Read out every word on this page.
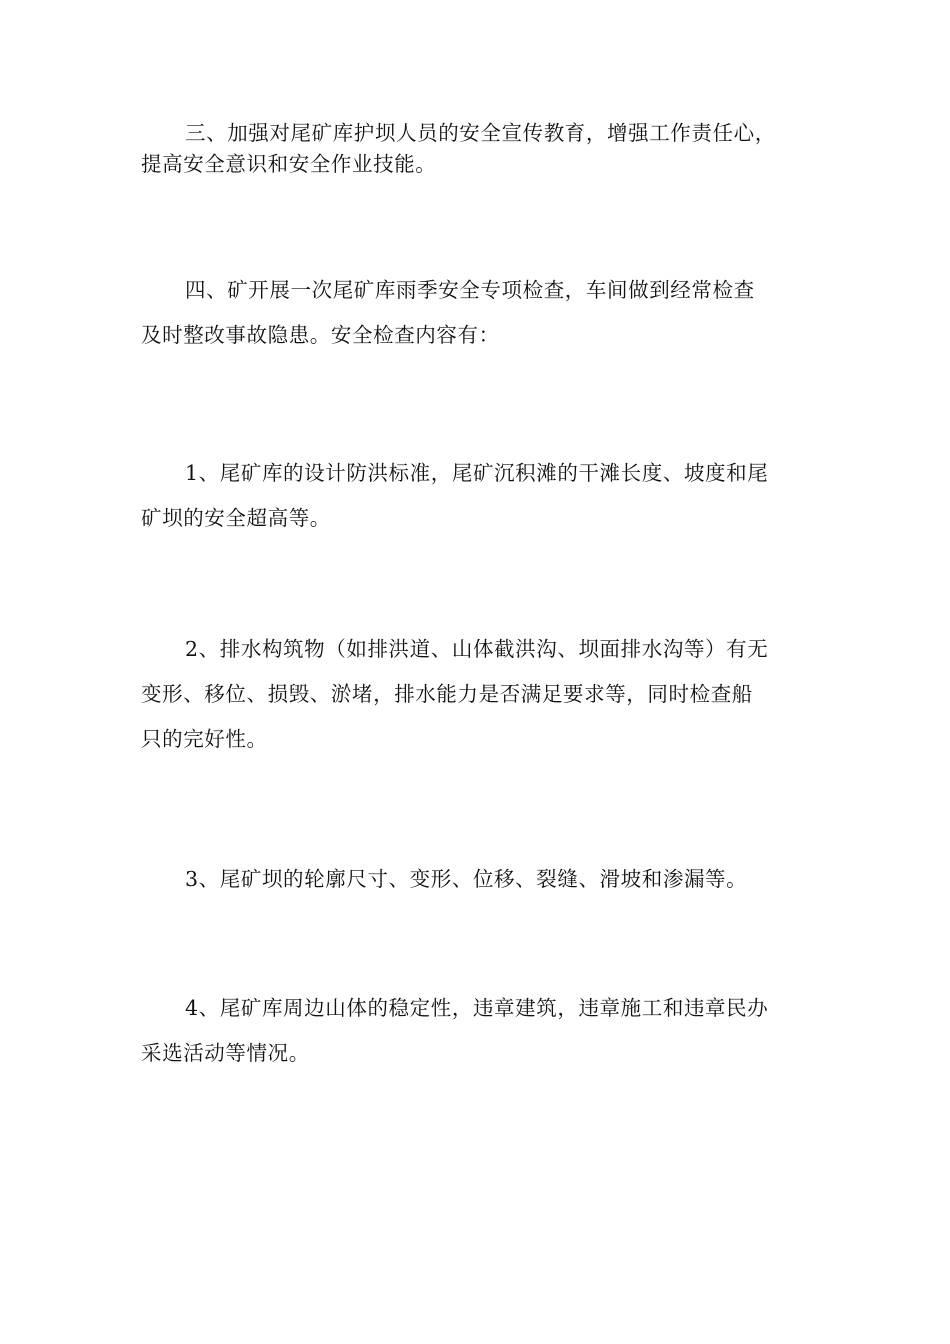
三、加强对尾矿库护坝人员的安全宣传教育，增强工作责任心，
提高安全意识和安全作业技能。

四、矿开展一次尾矿库雨季安全专项检查，车间做到经常检查
及时整改事故隐患。安全检查内容有：

1、尾矿库的设计防洪标准，尾矿沉积滩的干滩长度、坡度和尾
矿坝的安全超高等。

2、排水构筑物（如排洪道、山体截洪沟、坝面排水沟等）有无
变形、移位、损毁、淤堵，排水能力是否满足要求等，同时检查船
只的完好性。

3、尾矿坝的轮廓尺寸、变形、位移、裂缝、滑坡和渗漏等。

4、尾矿库周边山体的稳定性，违章建筑，违章施工和违章民办
采选活动等情况。
